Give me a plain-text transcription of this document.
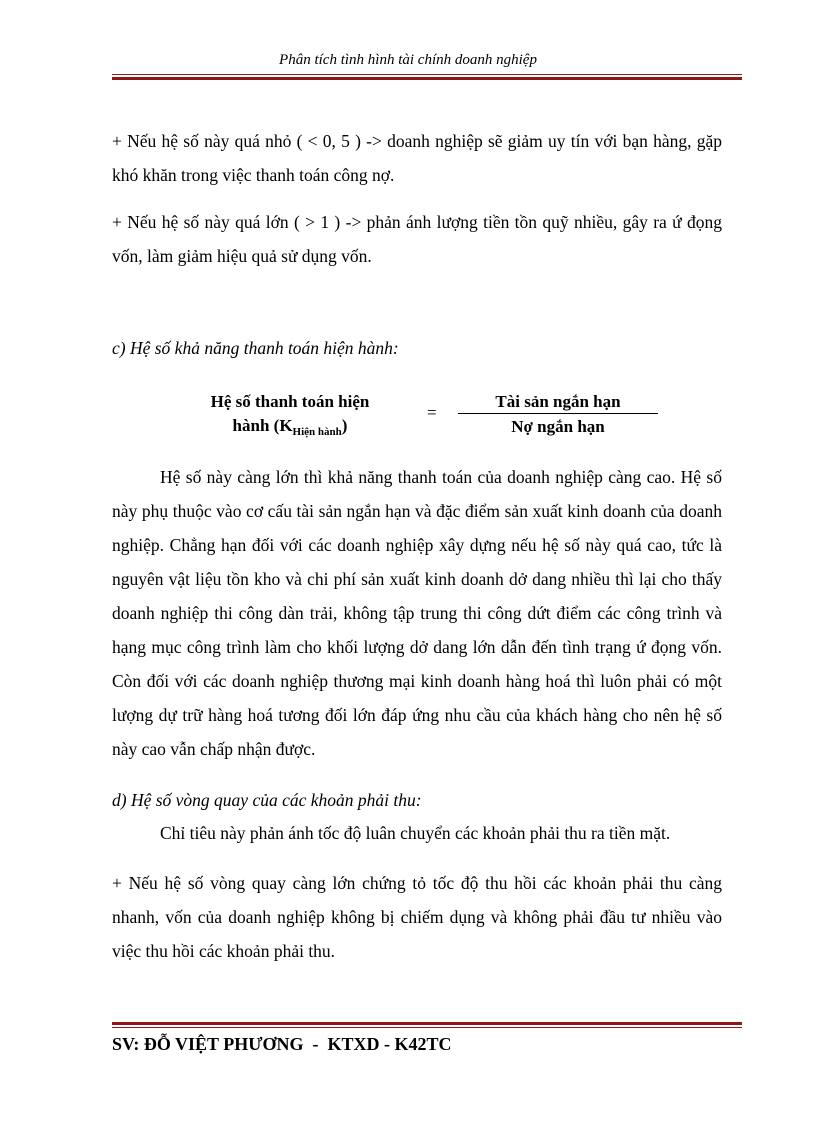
Phân tích tình hình tài chính doanh nghiệp
+ Nếu hệ số này quá nhỏ ( < 0, 5 ) -> doanh nghiệp sẽ giảm uy tín với bạn hàng, gặp khó khăn trong việc thanh toán công nợ.
+ Nếu hệ số này quá lớn ( > 1 ) -> phản ánh lượng tiền tồn quỹ nhiều, gây ra ứ đọng vốn, làm giảm hiệu quả sử dụng vốn.
c) Hệ số khả năng thanh toán hiện hành:
Hệ số thanh toán hiện
hành $(K_{Hiện hành})$
=
Tài sản ngắn hạn
Nợ ngắn hạn
Hệ số này càng lớn thì khả năng thanh toán của doanh nghiệp càng cao. Hệ số này phụ thuộc vào cơ cấu tài sản ngắn hạn và đặc điểm sản xuất kinh doanh của doanh nghiệp. Chẳng hạn đối với các doanh nghiệp xây dựng nếu hệ số này quá cao, tức là nguyên vật liệu tồn kho và chi phí sản xuất kinh doanh dở dang nhiều thì lại cho thấy doanh nghiệp thi công dàn trải, không tập trung thi công dứt điểm các công trình và hạng mục công trình làm cho khối lượng dở dang lớn dẫn đến tình trạng ứ đọng vốn. Còn đối với các doanh nghiệp thương mại kinh doanh hàng hoá thì luôn phải có một lượng dự trữ hàng hoá tương đối lớn đáp ứng nhu cầu của khách hàng cho nên hệ số này cao vẫn chấp nhận được.
d) Hệ số vòng quay của các khoản phải thu:
Chỉ tiêu này phản ánh tốc độ luân chuyển các khoản phải thu ra tiền mặt.
+ Nếu hệ số vòng quay càng lớn chứng tỏ tốc độ thu hồi các khoản phải thu càng nhanh, vốn của doanh nghiệp không bị chiếm dụng và không phải đầu tư nhiều vào việc thu hồi các khoản phải thu.
SV: ĐỖ VIỆT PHƯƠNG  -  KTXD - K42TC
